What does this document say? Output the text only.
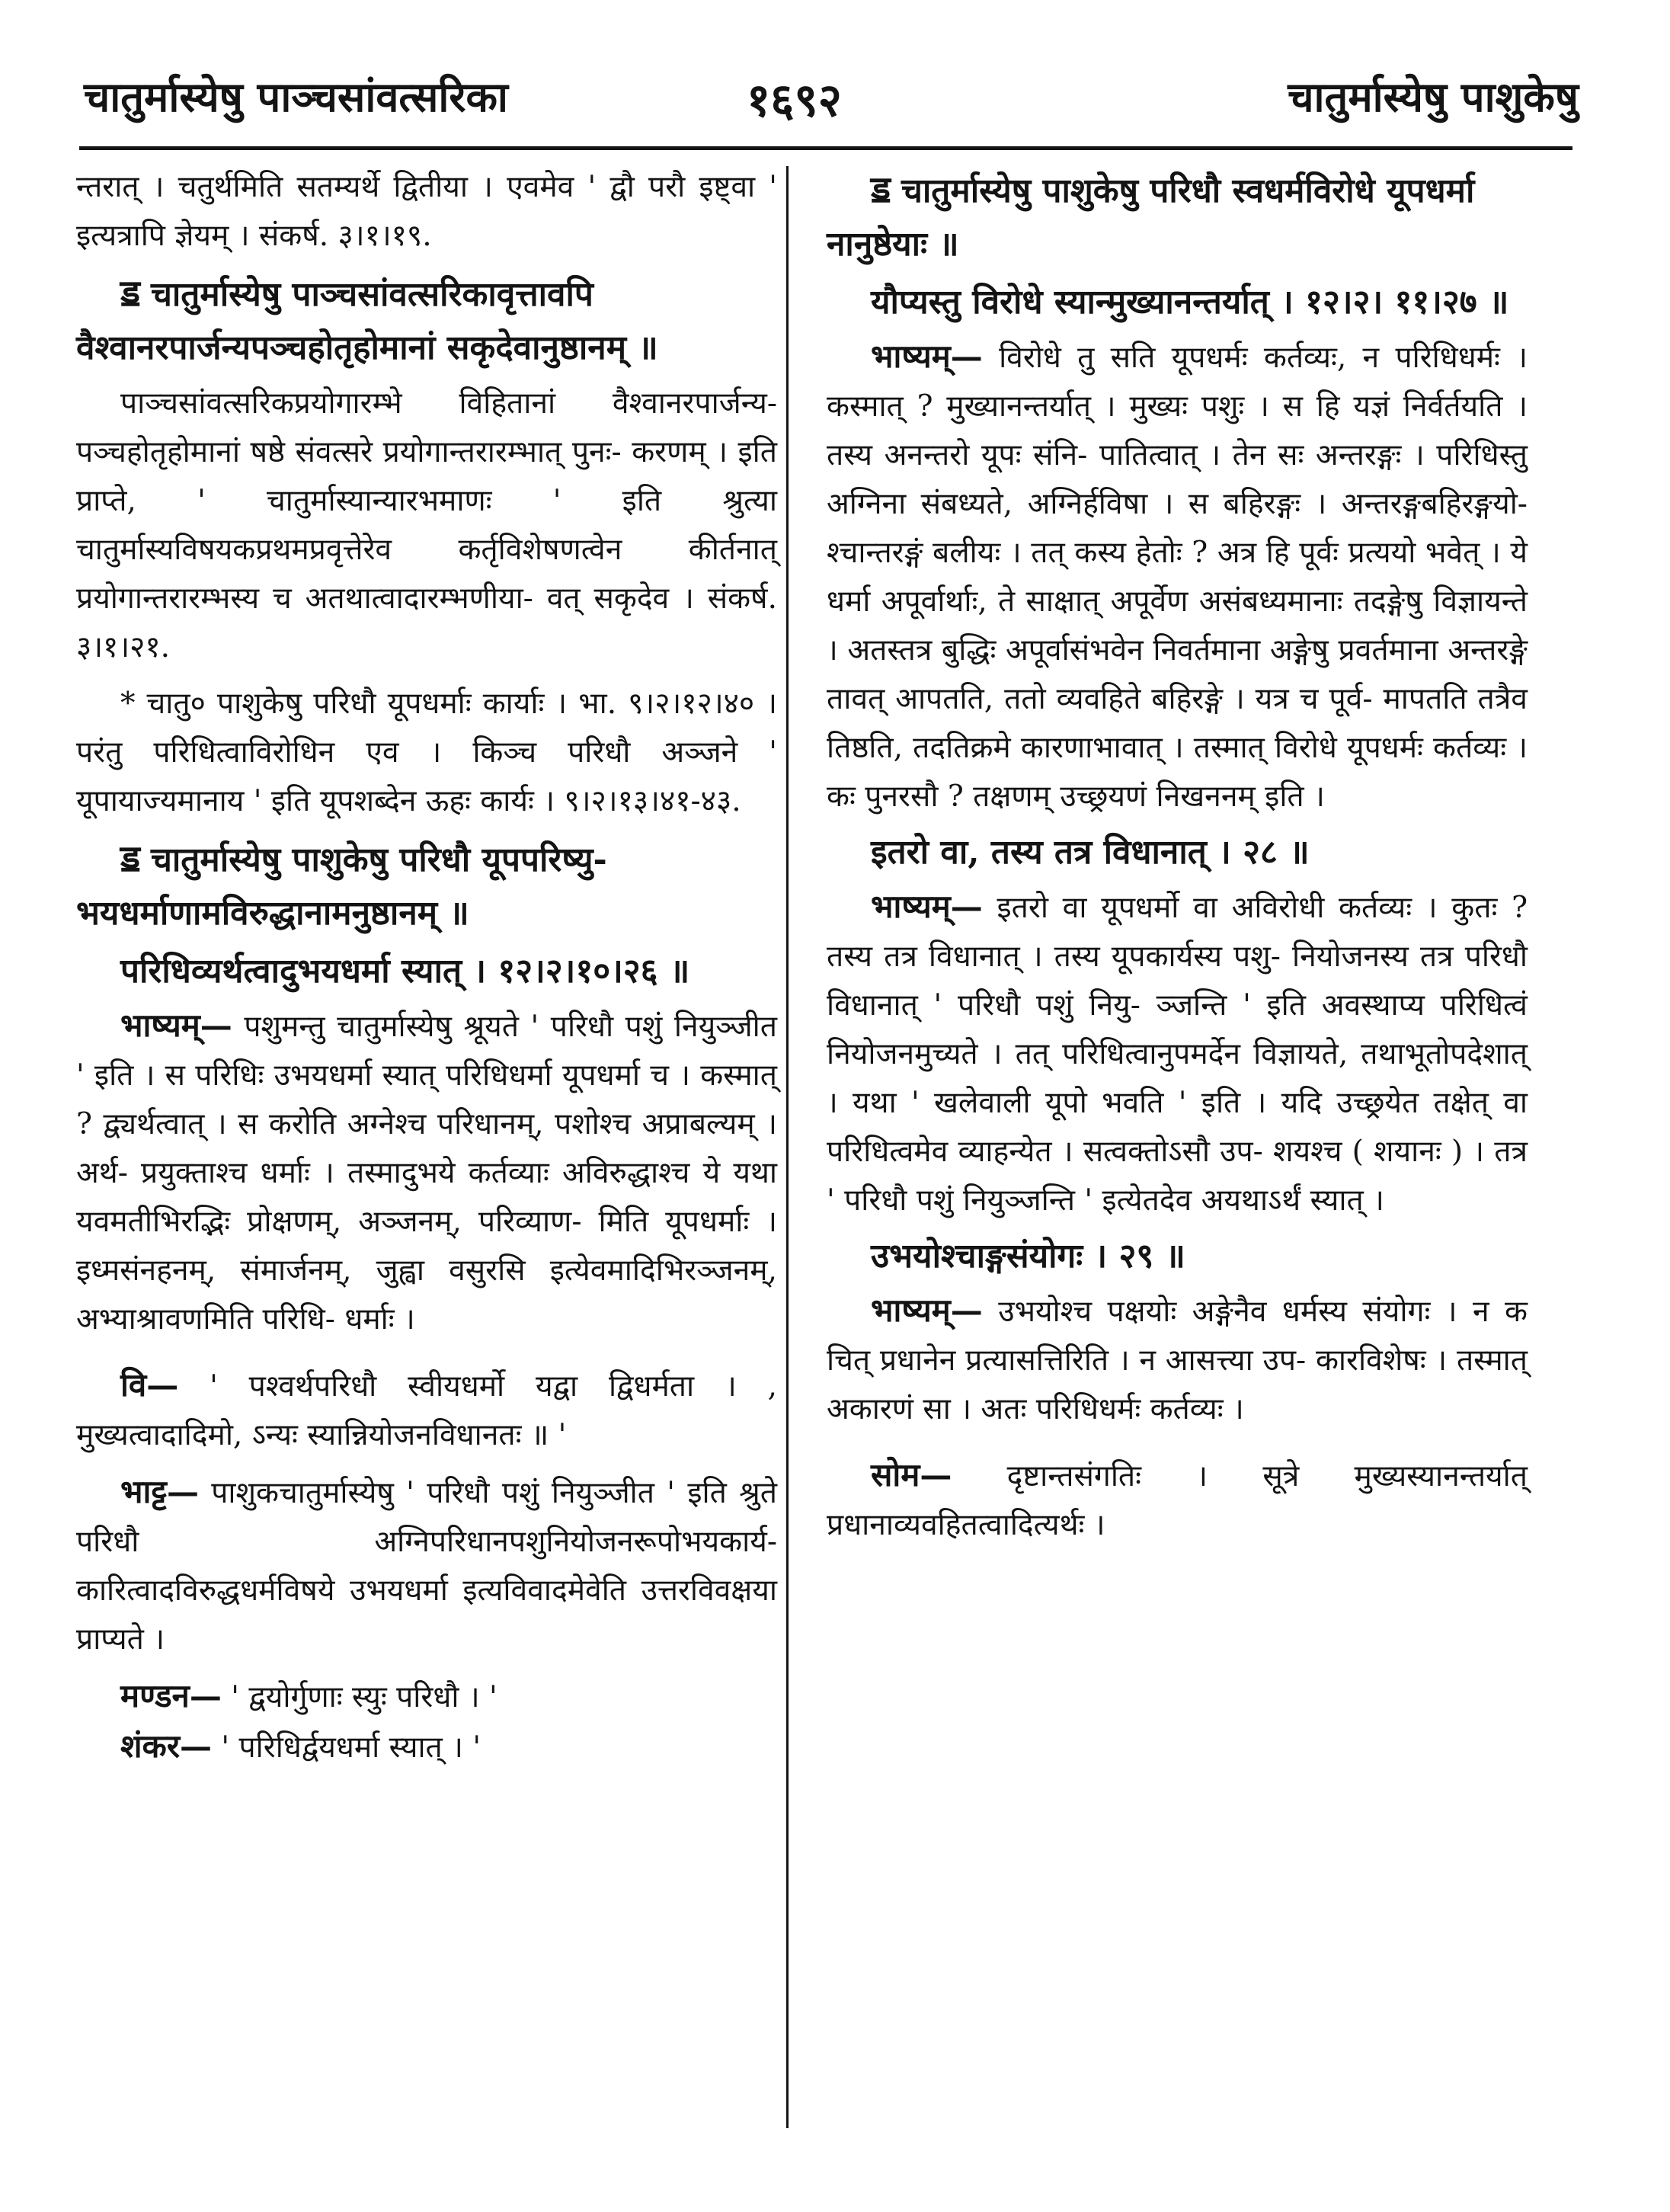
चातुर्मास्येषु पाञ्चसांवत्सरिका	१६९२	चातुर्मास्येषु पाशुकेषु

न्तरात् । चतुर्थमिति सतम्यर्थे द्वितीया । एवमेव ' द्वौ परौ इष्ट्वा ' इत्यत्रापि ज्ञेयम् । संकर्ष. ३।१।१९.

ॾ चातुर्मास्येषु पाञ्चसांवत्सरिकावृत्तावपि वैश्वानरपार्जन्यपञ्चहोतृहोमानां सकृदेवानुष्ठानम् ॥

पाञ्चसांवत्सरिकप्रयोगारम्भे विहितानां वैश्वानरपार्जन्य- पञ्चहोतृहोमानां षष्ठे संवत्सरे प्रयोगान्तरारम्भात् पुनः- करणम् । इति प्राप्ते, ' चातुर्मास्यान्यारभमाणः ' इति श्रुत्या चातुर्मास्यविषयकप्रथमप्रवृत्तेरेव कर्तृविशेषणत्वेन कीर्तनात् प्रयोगान्तरारम्भस्य च अतथात्वादारम्भणीया- वत् सकृदेव । संकर्ष. ३।१।२१.

* चातु० पाशुकेषु परिधौ यूपधर्माः कार्याः । भा. ९।२।१२।४० । परंतु परिधित्वाविरोधिन एव । किञ्च परिधौ अञ्जने ' यूपायाज्यमानाय ' इति यूपशब्देन ऊहः कार्यः । ९।२।१३।४१-४३.

ॾ चातुर्मास्येषु पाशुकेषु परिधौ यूपपरिष्यु- भयधर्माणामविरुद्धानामनुष्ठानम् ॥
परिधिव्यर्थत्वादुभयधर्मा स्यात् । १२।२।१०।२६ ॥

भाष्यम्— पशुमन्तु चातुर्मास्येषु श्रूयते ' परिधौ पशुं नियुञ्जीत ' इति । स परिधिः उभयधर्मा स्यात् परिधिधर्मा यूपधर्मा च । कस्मात् ? द्व्यर्थत्वात् । स करोति अग्नेश्च परिधानम्, पशोश्च अप्राबल्यम् । अर्थ- प्रयुक्ताश्च धर्माः । तस्मादुभये कर्तव्याः अविरुद्धाश्च ये यथा यवमतीभिरद्भिः प्रोक्षणम्, अञ्जनम्, परिव्याण- मिति यूपधर्माः । इध्मसंनहनम्, संमार्जनम्, जुह्वा वसुरसि इत्येवमादिभिरञ्जनम्, अभ्याश्रावणमिति परिधि- धर्माः ।

वि— ' पश्वर्थपरिधौ स्वीयधर्मो यद्वा द्विधर्मता । , मुख्यत्वादादिमो, ऽन्यः स्यान्नियोजनविधानतः ॥ '

भाट्ट— पाशुकचातुर्मास्येषु ' परिधौ पशुं नियुञ्जीत ' इति श्रुते परिधौ अग्निपरिधानपशुनियोजनरूपोभयकार्य- कारित्वादविरुद्धधर्मविषये उभयधर्मा इत्यविवादमेवेति उत्तरविवक्षया प्राप्यते ।

मण्डन— ' द्वयोर्गुणाः स्युः परिधौ । '

शंकर— ' परिधिर्द्वयधर्मा स्यात् । '

ॾ चातुर्मास्येषु पाशुकेषु परिधौ स्वधर्मविरोधे यूपधर्मा नानुष्ठेयाः ॥
यौप्यस्तु विरोधे स्यान्मुख्यानन्तर्यात् । १२।२। ११।२७ ॥

भाष्यम्— विरोधे तु सति यूपधर्मः कर्तव्यः, न परिधिधर्मः । कस्मात् ? मुख्यानन्तर्यात् । मुख्यः पशुः । स हि यज्ञं निर्वर्तयति । तस्य अनन्तरो यूपः संनि- पातित्वात् । तेन सः अन्तरङ्गः । परिधिस्तु अग्निना संबध्यते, अग्निर्हविषा । स बहिरङ्गः । अन्तरङ्गबहिरङ्गयो- श्चान्तरङ्गं बलीयः । तत् कस्य हेतोः ? अत्र हि पूर्वः प्रत्ययो भवेत् । ये धर्मा अपूर्वार्थाः, ते साक्षात् अपूर्वेण असंबध्यमानाः तदङ्गेषु विज्ञायन्ते । अतस्तत्र बुद्धिः अपूर्वासंभवेन निवर्तमाना अङ्गेषु प्रवर्तमाना अन्तरङ्गे तावत् आपतति, ततो व्यवहिते बहिरङ्गे । यत्र च पूर्व- मापतति तत्रैव तिष्ठति, तदतिक्रमे कारणाभावात् । तस्मात् विरोधे यूपधर्मः कर्तव्यः । कः पुनरसौ ? तक्षणम् उच्छ्रयणं निखननम् इति ।

इतरो वा, तस्य तत्र विधानात् । २८ ॥

भाष्यम्— इतरो वा यूपधर्मो वा अविरोधी कर्तव्यः । कुतः ? तस्य तत्र विधानात् । तस्य यूपकार्यस्य पशु- नियोजनस्य तत्र परिधौ विधानात् ' परिधौ पशुं नियु- ञ्जन्ति ' इति अवस्थाप्य परिधित्वं नियोजनमुच्यते । तत् परिधित्वानुपमर्देन विज्ञायते, तथाभूतोपदेशात् । यथा ' खलेवाली यूपो भवति ' इति । यदि उच्छ्रयेत तक्षेत् वा परिधित्वमेव व्याहन्येत । सत्वक्तोऽसौ उप- शयश्च ( शयानः ) । तत्र ' परिधौ पशुं नियुञ्जन्ति ' इत्येतदेव अयथाऽर्थं स्यात् ।

उभयोश्चाङ्गसंयोगः । २९ ॥

भाष्यम्— उभयोश्च पक्षयोः अङ्गेनैव धर्मस्य संयोगः । न क चित् प्रधानेन प्रत्यासत्तिरिति । न आसत्त्या उप- कारविशेषः । तस्मात् अकारणं सा । अतः परिधिधर्मः कर्तव्यः ।

सोम— दृष्टान्तसंगतिः । सूत्रे मुख्यस्यानन्तर्यात् प्रधानाव्यवहितत्वादित्यर्थः ।
